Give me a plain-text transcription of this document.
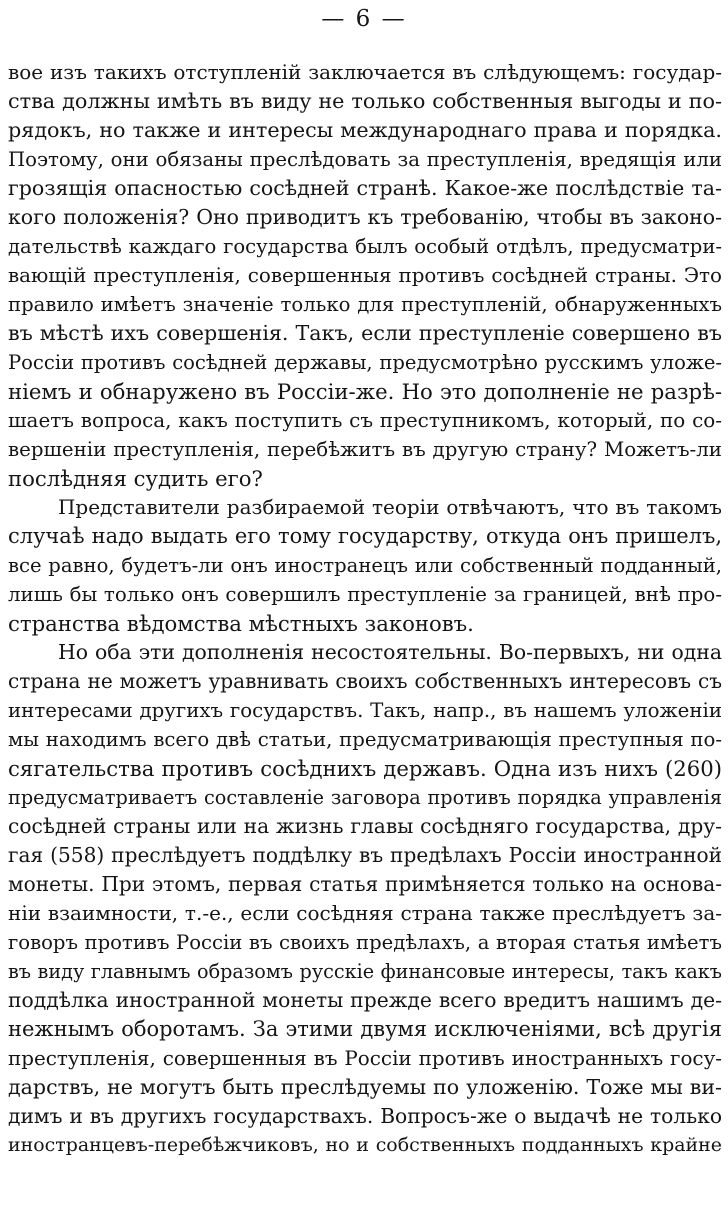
— 6 —
вое изъ такихъ отступленій заключается въ слѣдующемъ: государ-
ства должны имѣть въ виду не только собственныя выгоды и по-
рядокъ, но также и интересы международнаго права и порядка.
Поэтому, они обязаны преслѣдовать за преступленія, вредящія или
грозящія опасностью сосѣдней странѣ. Какое-же послѣдствіе та-
кого положенія? Оно приводитъ къ требованію, чтобы въ законо-
дательствѣ каждаго государства былъ особый отдѣлъ, предусматри-
вающій преступленія, совершенныя противъ сосѣдней страны. Это
правило имѣетъ значеніе только для преступленій, обнаруженныхъ
въ мѣстѣ ихъ совершенія. Такъ, если преступленіе совершено въ
Россіи противъ сосѣдней державы, предусмотрѣно русскимъ уложе-
ніемъ и обнаружено въ Россіи-же. Но это дополненіе не разрѣ-
шаетъ вопроса, какъ поступить съ преступникомъ, который, по со-
вершеніи преступленія, перебѣжитъ въ другую страну? Можетъ-ли
послѣдняя судить его?
Представители разбираемой теоріи отвѣчаютъ, что въ такомъ
случаѣ надо выдать его тому государству, откуда онъ пришелъ,
все равно, будетъ-ли онъ иностранецъ или собственный подданный,
лишь бы только онъ совершилъ преступленіе за границей, внѣ про-
странства вѣдомства мѣстныхъ законовъ.
Но оба эти дополненія несостоятельны. Во-первыхъ, ни одна
страна не можетъ уравнивать своихъ собственныхъ интересовъ съ
интересами другихъ государствъ. Такъ, напр., въ нашемъ уложеніи
мы находимъ всего двѣ статьи, предусматривающія преступныя по-
сягательства противъ сосѣднихъ державъ. Одна изъ нихъ (260)
предусматриваетъ составленіе заговора противъ порядка управленія
сосѣдней страны или на жизнь главы сосѣдняго государства, дру-
гая (558) преслѣдуетъ поддѣлку въ предѣлахъ Россіи иностранной
монеты. При этомъ, первая статья примѣняется только на основа-
ніи взаимности, т.-е., если сосѣдняя страна также преслѣдуетъ за-
говоръ противъ Россіи въ своихъ предѣлахъ, а вторая статья имѣетъ
въ виду главнымъ образомъ русскіе финансовые интересы, такъ какъ
поддѣлка иностранной монеты прежде всего вредитъ нашимъ де-
нежнымъ оборотамъ. За этими двумя исключеніями, всѣ другія
преступленія, совершенныя въ Россіи противъ иностранныхъ госу-
дарствъ, не могутъ быть преслѣдуемы по уложенію. Тоже мы ви-
димъ и въ другихъ государствахъ. Вопросъ-же о выдачѣ не только
иностранцевъ-перебѣжчиковъ, но и собственныхъ подданныхъ крайне
